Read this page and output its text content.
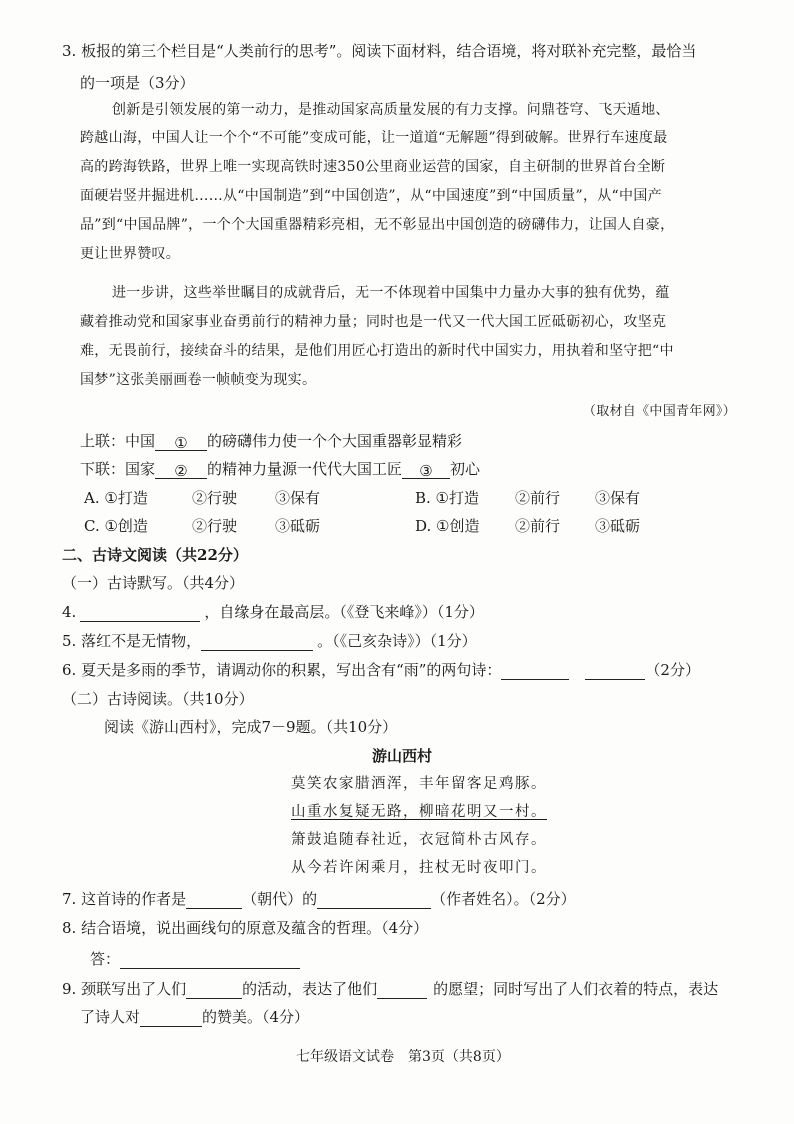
3. 板报的第三个栏目是“人类前行的思考”。阅读下面材料，结合语境，将对联补充完整，最恰当
的一项是（3分）
创新是引领发展的第一动力，是推动国家高质量发展的有力支撑。问鼎苍穹、飞天遁地、
跨越山海，中国人让一个个“不可能”变成可能，让一道道“无解题”得到破解。世界行车速度最
高的跨海铁路，世界上唯一实现高铁时速350公里商业运营的国家，自主研制的世界首台全断
面硬岩竖井掘进机……从“中国制造”到“中国创造”，从“中国速度”到“中国质量”，从“中国产
品”到“中国品牌”，一个个大国重器精彩亮相，无不彰显出中国创造的磅礴伟力，让国人自豪，
更让世界赞叹。
进一步讲，这些举世瞩目的成就背后，无一不体现着中国集中力量办大事的独有优势，蕴
藏着推动党和国家事业奋勇前行的精神力量；同时也是一代又一代大国工匠砥砺初心，攻坚克
难，无畏前行，接续奋斗的结果，是他们用匠心打造出的新时代中国实力，用执着和坚守把“中
国梦”这张美丽画卷一帧帧变为现实。
（取材自《中国青年网》）
上联：中国 ① 的磅礴伟力使一个个大国重器彰显精彩
下联：国家 ② 的精神力量源一代代大国工匠 ③ 初心
A. ①打造	②行驶	③保有	B. ①打造 ②前行 ③保有
C. ①创造	②行驶	③砥砺	D. ①创造 ②前行 ③砥砺
二、古诗文阅读（共22分）
（一）古诗默写。（共4分）
4.	，自缘身在最高层。（《登飞来峰》）（1分）
5. 落红不是无情物，	。（《己亥杂诗》）（1分）
6. 夏天是多雨的季节，请调动你的积累，写出含有“雨”的两句诗：	（2分）
（二）古诗阅读。（共10分）
阅读《游山西村》，完成7－9题。（共10分）
游山西村
莫笑农家腊酒浑，丰年留客足鸡豚。
山重水复疑无路，柳暗花明又一村。
箫鼓追随春社近，衣冠简朴古风存。
从今若许闲乘月，拄杖无时夜叩门。
7. 这首诗的作者是	（朝代）的	（作者姓名）。（2分）
8. 结合语境，说出画线句的原意及蕴含的哲理。（4分）
答：
9. 颈联写出了人们	的活动，表达了他们	的愿望；同时写出了人们衣着的特点，表达
了诗人对	的赞美。（4分）
七年级语文试卷　第3页（共8页）
